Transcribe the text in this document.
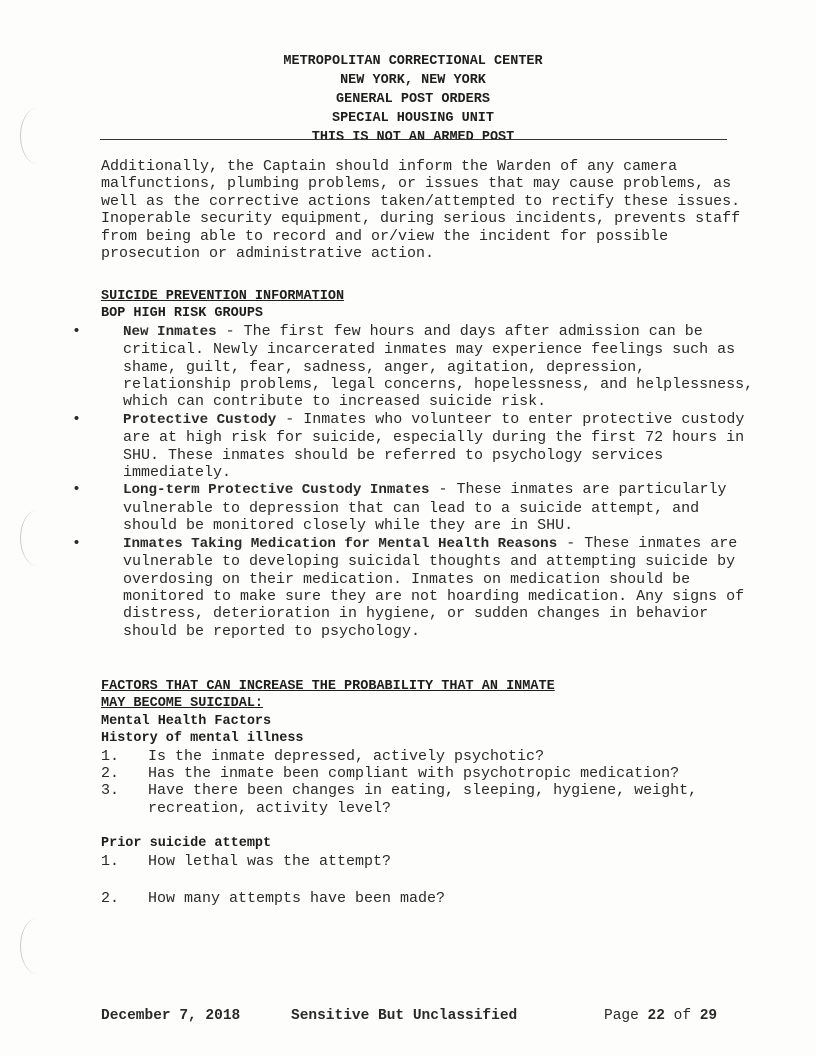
METROPOLITAN CORRECTIONAL CENTER
NEW YORK, NEW YORK
GENERAL POST ORDERS
SPECIAL HOUSING UNIT
THIS IS NOT AN ARMED POST
Additionally, the Captain should inform the Warden of any camera malfunctions, plumbing problems, or issues that may cause problems, as well as the corrective actions taken/attempted to rectify these issues. Inoperable security equipment, during serious incidents, prevents staff from being able to record and or/view the incident for possible prosecution or administrative action.
SUICIDE PREVENTION INFORMATION
BOP HIGH RISK GROUPS
•	New Inmates - The first few hours and days after admission can be critical. Newly incarcerated inmates may experience feelings such as shame, guilt, fear, sadness, anger, agitation, depression, relationship problems, legal concerns, hopelessness, and helplessness, which can contribute to increased suicide risk.
•	Protective Custody - Inmates who volunteer to enter protective custody are at high risk for suicide, especially during the first 72 hours in SHU. These inmates should be referred to psychology services immediately.
•	Long-term Protective Custody Inmates - These inmates are particularly vulnerable to depression that can lead to a suicide attempt, and should be monitored closely while they are in SHU.
•	Inmates Taking Medication for Mental Health Reasons - These inmates are vulnerable to developing suicidal thoughts and attempting suicide by overdosing on their medication. Inmates on medication should be monitored to make sure they are not hoarding medication. Any signs of distress, deterioration in hygiene, or sudden changes in behavior should be reported to psychology.
FACTORS THAT CAN INCREASE THE PROBABILITY THAT AN INMATE
MAY BECOME SUICIDAL:
Mental Health Factors
History of mental illness
1. Is the inmate depressed, actively psychotic?
2. Has the inmate been compliant with psychotropic medication?
3. Have there been changes in eating, sleeping, hygiene, weight, recreation, activity level?
Prior suicide attempt
1. How lethal was the attempt?
2. How many attempts have been made?
December 7, 2018	Sensitive But Unclassified	Page 22 of 29
